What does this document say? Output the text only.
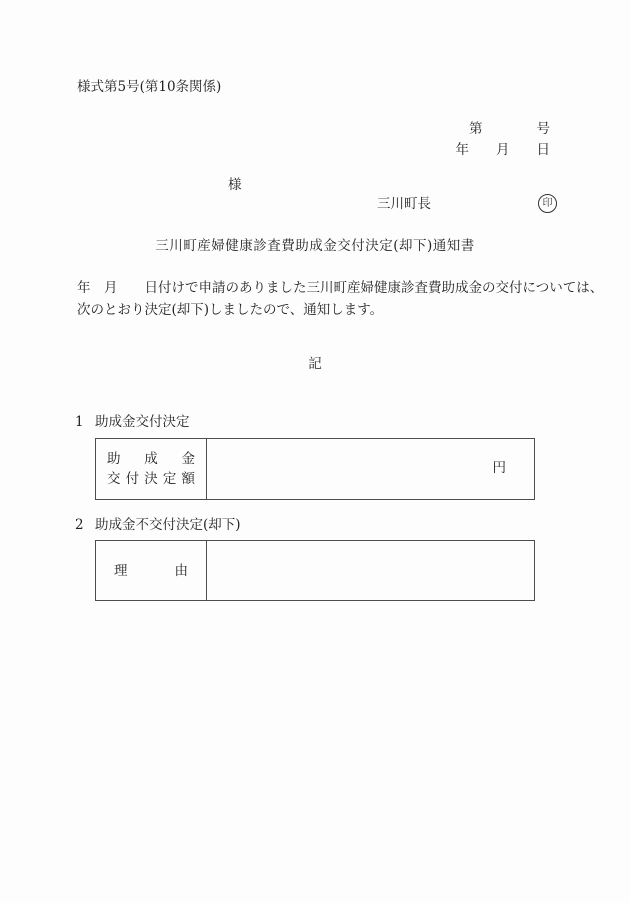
様式第5号(第10条関係)
第　　　　号
年　　月　　日
様
三川町長	印
三川町産婦健康診査費助成金交付決定(却下)通知書
年　月　　日付けで申請のありました三川町産婦健康診査費助成金の交付については、
次のとおり決定(却下)しましたので、通知します。
記
1 助成金交付決定
助成金
交付決定額
円
2 助成金不交付決定(却下)
理由
